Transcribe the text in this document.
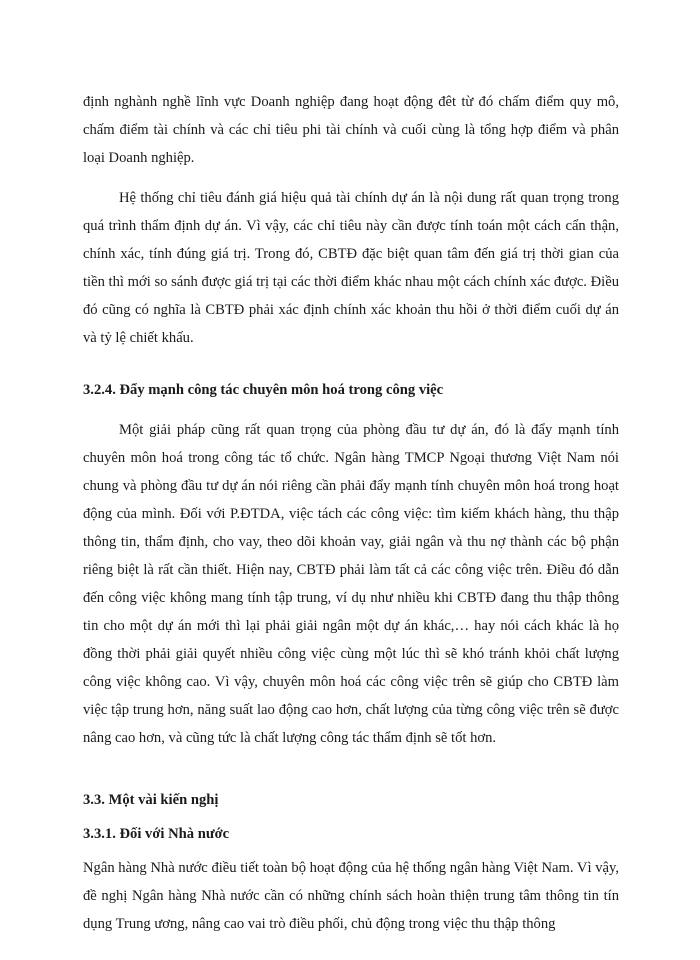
định nghành nghề lĩnh vực Doanh nghiệp đang hoạt động đêt từ đó chấm điểm quy mô, chấm điểm tài chính và các chỉ tiêu phi tài chính và cuối cùng là tổng hợp điểm và phân loại Doanh nghiệp.

Hệ thống chỉ tiêu đánh giá hiệu quả tài chính dự án là nội dung rất quan trọng trong quá trình thẩm định dự án. Vì vậy, các chỉ tiêu này cần được tính toán một cách cẩn thận, chính xác, tính đúng giá trị. Trong đó, CBTĐ đặc biệt quan tâm đến giá trị thời gian của tiền thì mới so sánh được giá trị tại các thời điểm khác nhau một cách chính xác được. Điều đó cũng có nghĩa là CBTĐ phải xác định chính xác khoản thu hồi ở thời điểm cuối dự án và tỷ lệ chiết khấu.

3.2.4. Đẩy mạnh công tác chuyên môn hoá trong công việc

Một giải pháp cũng rất quan trọng của phòng đầu tư dự án, đó là đẩy mạnh tính chuyên môn hoá trong công tác tổ chức. Ngân hàng TMCP Ngoại thương Việt Nam nói chung và phòng đầu tư dự án nói riêng cần phải đẩy mạnh tính chuyên môn hoá trong hoạt động của mình. Đối với P.ĐTDA, việc tách các công việc: tìm kiếm khách hàng, thu thập thông tin, thẩm định, cho vay, theo dõi khoản vay, giải ngân và thu nợ thành các bộ phận riêng biệt là rất cần thiết. Hiện nay, CBTĐ phải làm tất cả các công việc trên. Điều đó dẫn đến công việc không mang tính tập trung, ví dụ như nhiều khi CBTĐ đang thu thập thông tin cho một dự án mới thì lại phải giải ngân một dự án khác,… hay nói cách khác là họ đồng thời phải giải quyết nhiều công việc cùng một lúc thì sẽ khó tránh khỏi chất lượng công việc không cao. Vì vậy, chuyên môn hoá các công việc trên sẽ giúp cho CBTĐ làm việc tập trung hơn, năng suất lao động cao hơn, chất lượng của từng công việc trên sẽ được nâng cao hơn, và cũng tức là chất lượng công tác thẩm định sẽ tốt hơn.

3.3. Một vài kiến nghị
3.3.1. Đối với Nhà nước

Ngân hàng Nhà nước điều tiết toàn bộ hoạt động của hệ thống ngân hàng Việt Nam. Vì vậy, đề nghị Ngân hàng Nhà nước cần có những chính sách hoàn thiện trung tâm thông tin tín dụng Trung ương, nâng cao vai trò điều phối, chủ động trong việc thu thập thông
